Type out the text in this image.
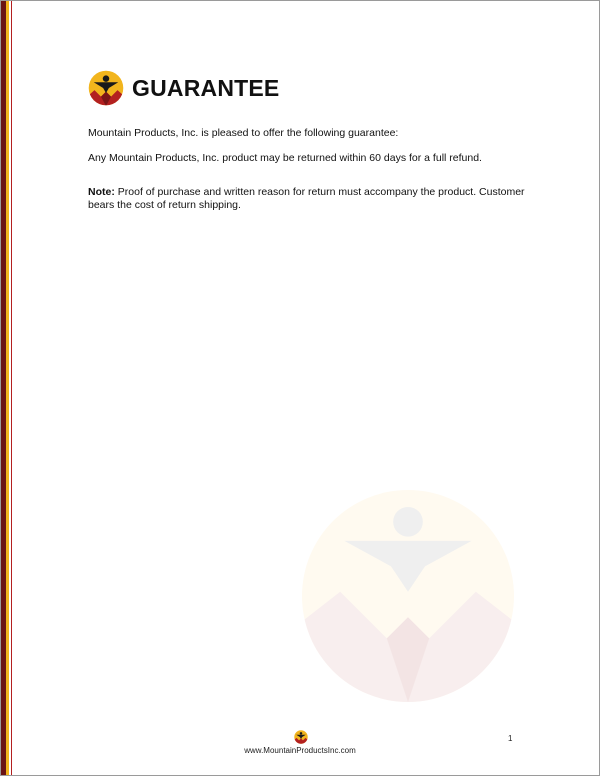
GUARANTEE

Mountain Products, Inc. is pleased to offer the following guarantee:

Any Mountain Products, Inc. product may be returned within 60 days for a full refund.

Note: Proof of purchase and written reason for return must accompany the product. Customer bears the cost of return shipping.

www.MountainProductsInc.com
1
